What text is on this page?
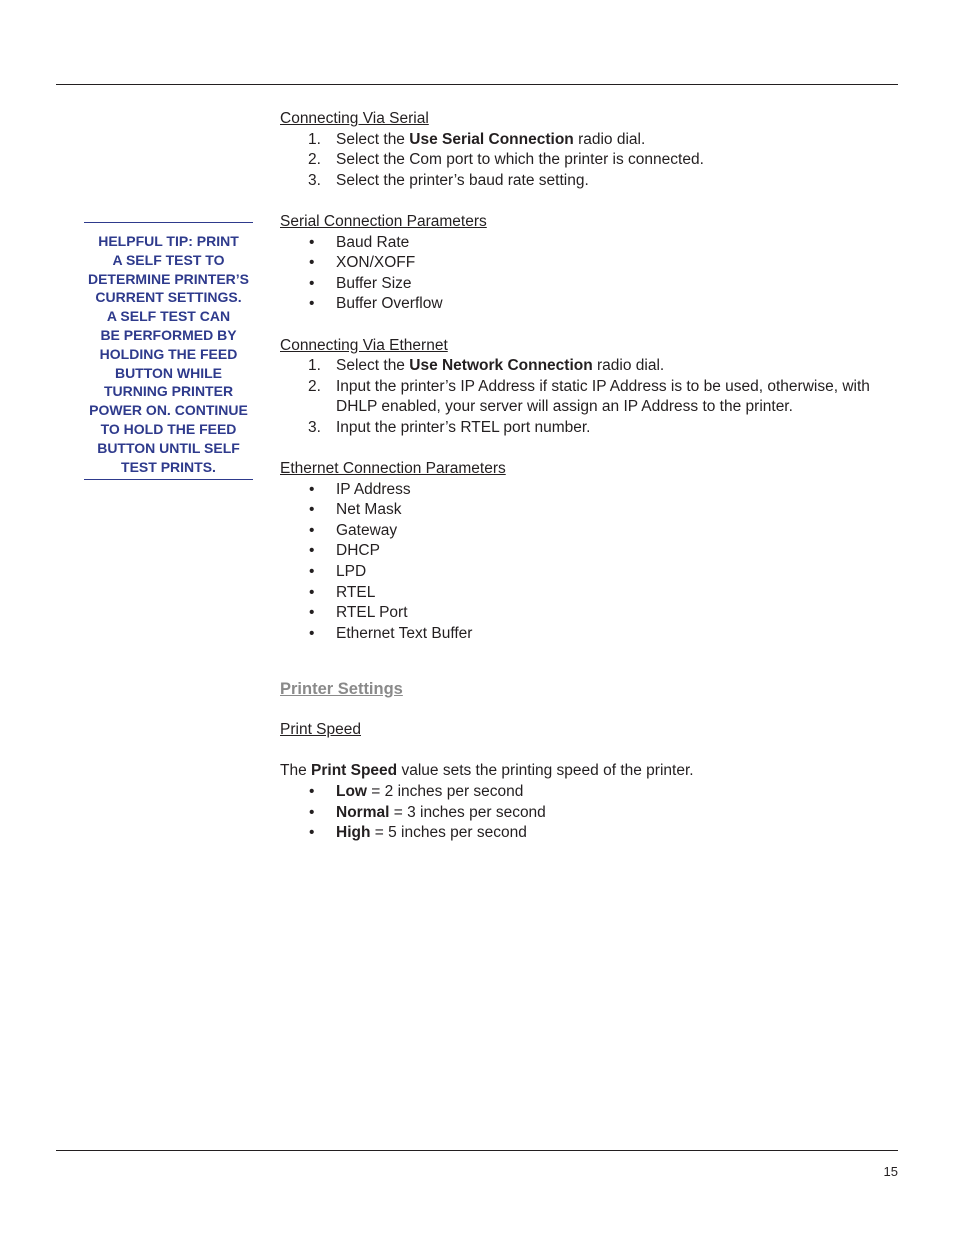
HELPFUL TIP: PRINT
A SELF TEST TO
DETERMINE PRINTER’S
CURRENT SETTINGS.
A SELF TEST CAN
BE PERFORMED BY
HOLDING THE FEED
BUTTON WHILE
TURNING PRINTER
POWER ON. CONTINUE
TO HOLD THE FEED
BUTTON UNTIL SELF
TEST PRINTS.
Connecting Via Serial
1. Select the Use Serial Connection radio dial.
2. Select the Com port to which the printer is connected.
3. Select the printer’s baud rate setting.
Serial Connection Parameters
• Baud Rate
• XON/XOFF
• Buffer Size
• Buffer Overflow
Connecting Via Ethernet
1. Select the Use Network Connection radio dial.
2. Input the printer’s IP Address if static IP Address is to be used, otherwise, with DHLP enabled, your server will assign an IP Address to the printer.
3. Input the printer’s RTEL port number.
Ethernet Connection Parameters
• IP Address
• Net Mask
• Gateway
• DHCP
• LPD
• RTEL
• RTEL Port
• Ethernet Text Buffer
Printer Settings
Print Speed
The Print Speed value sets the printing speed of the printer.
• Low = 2 inches per second
• Normal = 3 inches per second
• High = 5 inches per second
15
